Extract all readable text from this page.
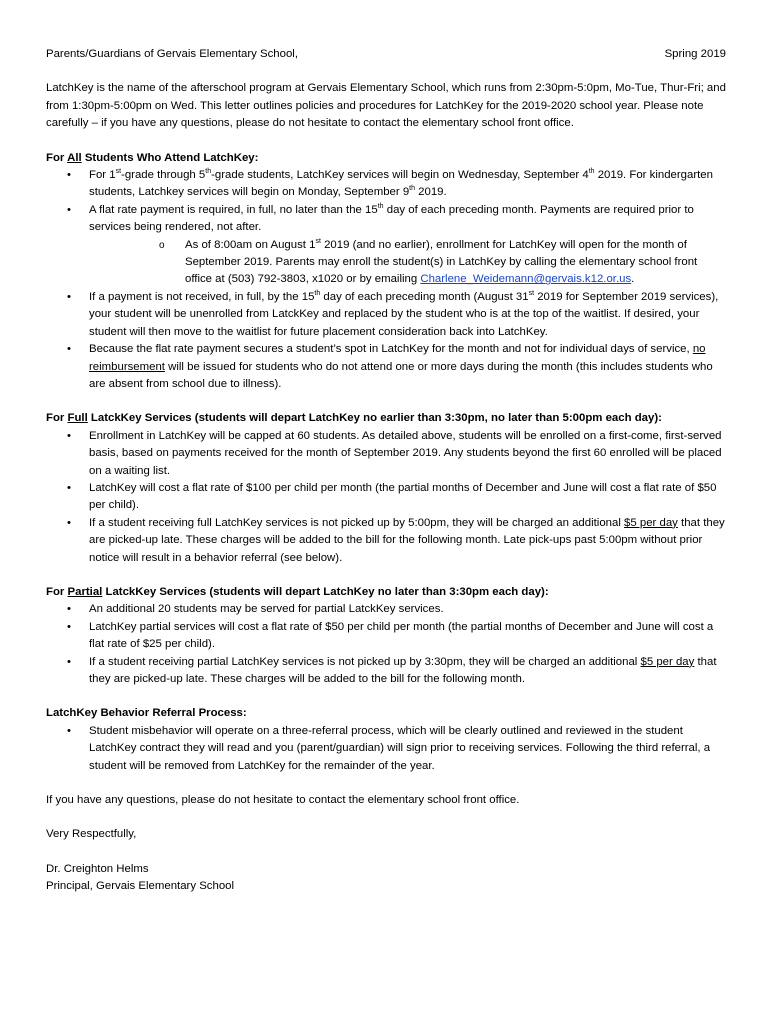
Parents/Guardians of Gervais Elementary School,	Spring 2019

LatchKey is the name of the afterschool program at Gervais Elementary School, which runs from 2:30pm-5:0pm, Mo-Tue, Thur-Fri; and from 1:30pm-5:00pm on Wed. This letter outlines policies and procedures for LatchKey for the 2019-2020 school year. Please note carefully – if you have any questions, please do not hesitate to contact the elementary school front office.

For All Students Who Attend LatchKey:

• For 1st-grade through 5th-grade students, LatchKey services will begin on Wednesday, September 4th 2019. For kindergarten students, Latchkey services will begin on Monday, September 9th 2019.
• A flat rate payment is required, in full, no later than the 15th day of each preceding month. Payments are required prior to services being rendered, not after.
o As of 8:00am on August 1st 2019 (and no earlier), enrollment for LatchKey will open for the month of September 2019. Parents may enroll the student(s) in LatchKey by calling the elementary school front office at (503) 792-3803, x1020 or by emailing Charlene_Weidemann@gervais.k12.or.us.
• If a payment is not received, in full, by the 15th day of each preceding month (August 31st 2019 for September 2019 services), your student will be unenrolled from LatckKey and replaced by the student who is at the top of the waitlist. If desired, your student will then move to the waitlist for future placement consideration back into LatchKey.
• Because the flat rate payment secures a student’s spot in LatchKey for the month and not for individual days of service, no reimbursement will be issued for students who do not attend one or more days during the month (this includes students who are absent from school due to illness).

For Full LatckKey Services (students will depart LatchKey no earlier than 3:30pm, no later than 5:00pm each day):

• Enrollment in LatchKey will be capped at 60 students. As detailed above, students will be enrolled on a first-come, first-served basis, based on payments received for the month of September 2019. Any students beyond the first 60 enrolled will be placed on a waiting list.
• LatchKey will cost a flat rate of $100 per child per month (the partial months of December and June will cost a flat rate of $50 per child).
• If a student receiving full LatchKey services is not picked up by 5:00pm, they will be charged an additional $5 per day that they are picked-up late. These charges will be added to the bill for the following month. Late pick-ups past 5:00pm without prior notice will result in a behavior referral (see below).

For Partial LatckKey Services (students will depart LatchKey no later than 3:30pm each day):

• An additional 20 students may be served for partial LatckKey services.
• LatchKey partial services will cost a flat rate of $50 per child per month (the partial months of December and June will cost a flat rate of $25 per child).
• If a student receiving partial LatchKey services is not picked up by 3:30pm, they will be charged an additional $5 per day that they are picked-up late. These charges will be added to the bill for the following month.

LatchKey Behavior Referral Process:

• Student misbehavior will operate on a three-referral process, which will be clearly outlined and reviewed in the student LatchKey contract they will read and you (parent/guardian) will sign prior to receiving services. Following the third referral, a student will be removed from LatchKey for the remainder of the year.

If you have any questions, please do not hesitate to contact the elementary school front office.

Very Respectfully,

Dr. Creighton Helms

Principal, Gervais Elementary School
